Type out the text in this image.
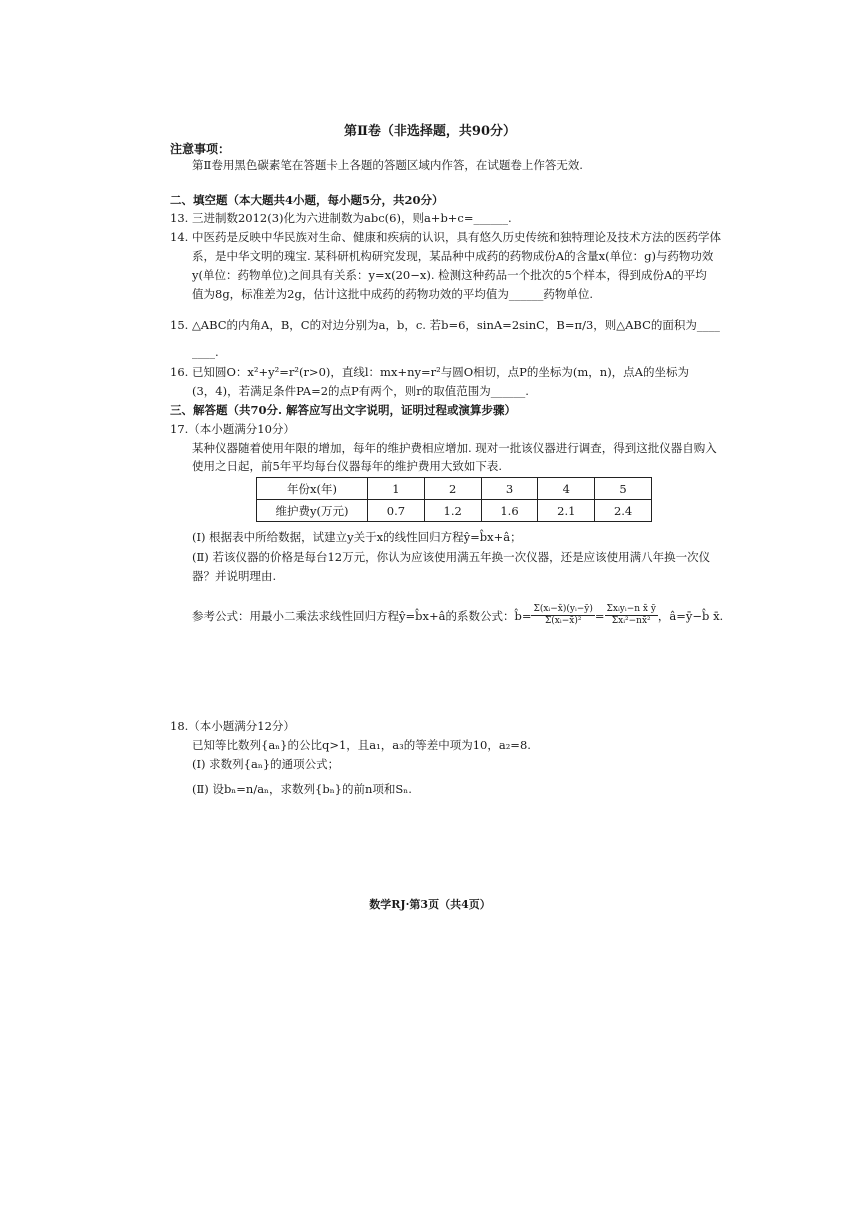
第Ⅱ卷（非选择题，共90分）
注意事项：
第Ⅱ卷用黑色碳素笔在答题卡上各题的答题区域内作答，在试题卷上作答无效.
二、填空题（本大题共4小题，每小题5分，共20分）
13. 三进制数2012(3)化为六进制数为abc(6)，则a+b+c=______.
14. 中医药是反映中华民族对生命、健康和疾病的认识，具有悠久历史传统和独特理论及技术方法的医药学体
系，是中华文明的瑰宝. 某科研机构研究发现，某品种中成药的药物成份A的含量x(单位：g)与药物功效
y(单位：药物单位)之间具有关系：y=x(20−x). 检测这种药品一个批次的5个样本，得到成份A的平均
值为8g，标准差为2g，估计这批中成药的药物功效的平均值为______药物单位.
15. △ABC的内角A，B，C的对边分别为a，b，c. 若b=6，sinA=2sinC，B=π/3，则△ABC的面积为____
____.
16. 已知圆O：x²+y²=r²(r>0)，直线l：mx+ny=r²与圆O相切，点P的坐标为(m，n)，点A的坐标为
(3，4)，若满足条件PA=2的点P有两个，则r的取值范围为______.
三、解答题（共70分. 解答应写出文字说明，证明过程或演算步骤）
17.（本小题满分10分）
某种仪器随着使用年限的增加，每年的维护费相应增加. 现对一批该仪器进行调查，得到这批仪器自购入
使用之日起，前5年平均每台仪器每年的维护费用大致如下表.
年份x(年)	1	2	3	4	5
维护费y(万元)	0.7	1.2	1.6	2.1	2.4
(Ⅰ) 根据表中所给数据，试建立y关于x的线性回归方程ŷ=b̂x+â；
(Ⅱ) 若该仪器的价格是每台12万元，你认为应该使用满五年换一次仪器，还是应该使用满八年换一次仪
器？并说明理由.
参考公式：用最小二乘法求线性回归方程ŷ=b̂x+â的系数公式： b̂= $\frac{\text{Σ(xᵢ−x̄)(yᵢ−ȳ)}}{\text{Σ(xᵢ−x̄)²}} = \frac{\text{Σxᵢyᵢ−n x̄ ȳ}}{\text{Σxᵢ²−nx̄²}}$ ，â=ȳ−b̂ x̄.
18.（本小题满分12分）
已知等比数列{aₙ}的公比q>1，且a₁，a₃的等差中项为10，a₂=8.
(Ⅰ) 求数列{aₙ}的通项公式；
(Ⅱ) 设bₙ=n/aₙ，求数列{bₙ}的前n项和Sₙ.
数学RJ·第3页（共4页）
